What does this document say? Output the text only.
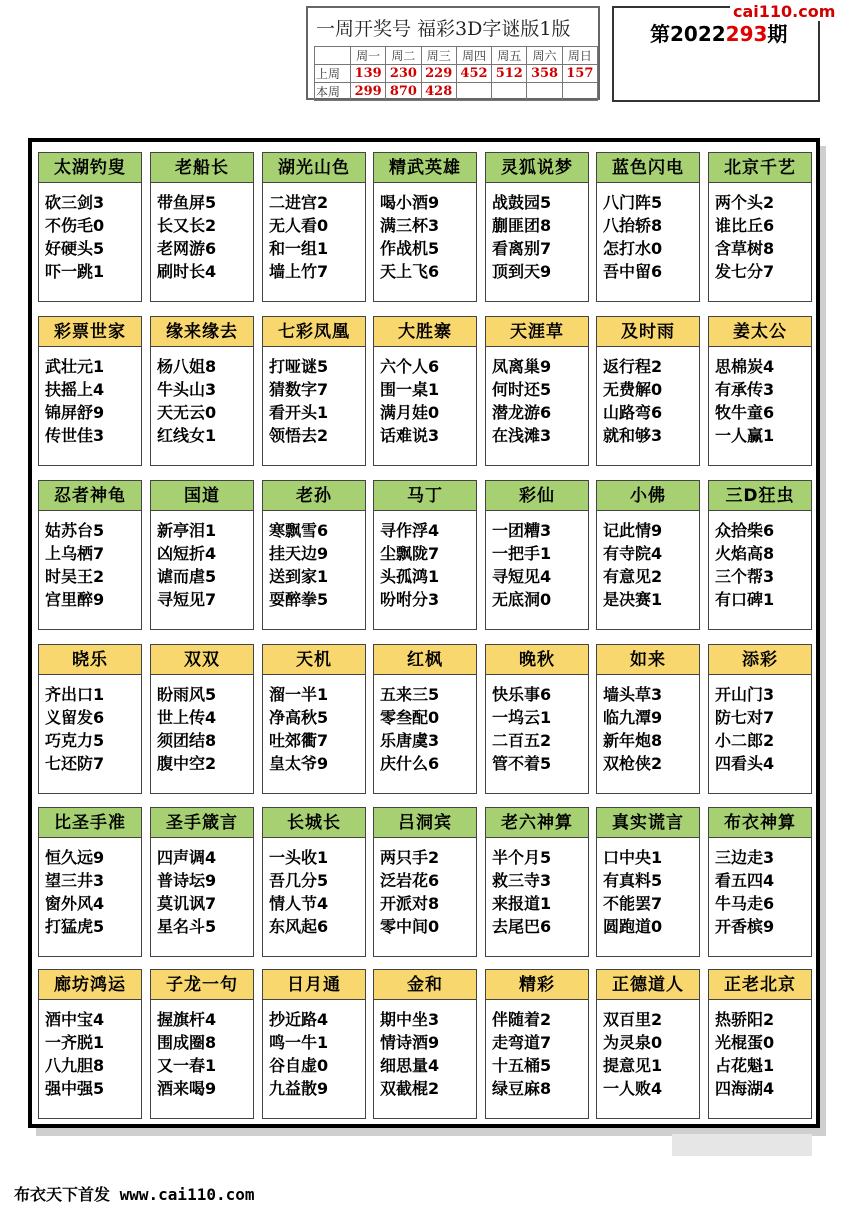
一周开奖号 福彩3D字谜版1版
	周一	周二	周三	周四	周五	周六	周日
上周	139	230	229	452	512	358	157
本周	299	870	428				
第2022293期
cai110.com
太湖钓叟
砍三剑3
不伤毛0
好硬头5
吓一跳1
老船长
带鱼屏5
长又长2
老网游6
刷时长4
湖光山色
二进宫2
无人看0
和一组1
墙上竹7
精武英雄
喝小酒9
满三杯3
作战机5
天上飞6
灵狐说梦
战鼓园5
蒯匪团8
看离别7
顶到天9
蓝色闪电
八门阵5
八抬轿8
怎打水0
吾中留6
北京千艺
两个头2
谁比丘6
含草树8
发七分7
彩票世家
武壮元1
扶摇上4
锦屏舒9
传世佳3
缘来缘去
杨八姐8
牛头山3
天无云0
红线女1
七彩凤凰
打哑谜5
猜数字7
看开头1
领悟去2
大胜寨
六个人6
围一桌1
满月娃0
话难说3
天涯草
凤离巢9
何时还5
潜龙游6
在浅滩3
及时雨
返行程2
无费解0
山路弯6
就和够3
姜太公
思棉炭4
有承传3
牧牛童6
一人赢1
忍者神龟
姑苏台5
上乌栖7
时吴王2
宫里醉9
国道
新亭泪1
凶短折4
谑而虐5
寻短见7
老孙
寒飘雪6
挂天边9
送到家1
耍醉拳5
马丁
寻作浮4
尘飘陇7
头孤鸿1
吩咐分3
彩仙
一团糟3
一把手1
寻短见4
无底洞0
小佛
记此情9
有寺院4
有意见2
是决赛1
三D狂虫
众拾柴6
火焰高8
三个帮3
有口碑1
晓乐
齐出口1
义留发6
巧克力5
七还防7
双双
盼雨风5
世上传4
须团结8
腹中空2
天机
溜一半1
净高秋5
吐郊衢7
皇太爷9
红枫
五来三5
零叁配0
乐唐虞3
庆什么6
晚秋
快乐事6
一坞云1
二百五2
管不着5
如来
墙头草3
临九潭9
新年炮8
双枪侠2
添彩
开山门3
防七对7
小二郎2
四看头4
比圣手准
恒久远9
望三井3
窗外风4
打猛虎5
圣手箴言
四声调4
普诗坛9
莫讥讽7
星名斗5
长城长
一头收1
吾几分5
情人节4
东风起6
吕洞宾
两只手2
泛岩花6
开派对8
零中间0
老六神算
半个月5
救三寺3
来报道1
去尾巴6
真实谎言
口中央1
有真料5
不能罢7
圆跑道0
布衣神算
三边走3
看五四4
牛马走6
开香槟9
廊坊鸿运
酒中宝4
一齐脱1
八九胆8
强中强5
子龙一句
握旗杆4
围成圈8
又一春1
酒来喝9
日月通
抄近路4
鸣一牛1
谷自虚0
九益散9
金和
期中坐3
情诗酒9
细思量4
双截棍2
精彩
伴随着2
走弯道7
十五桶5
绿豆麻8
正德道人
双百里2
为灵泉0
提意见1
一人败4
正老北京
热骄阳2
光棍蛋0
占花魁1
四海湖4
布衣天下首发 www.cai110.com
